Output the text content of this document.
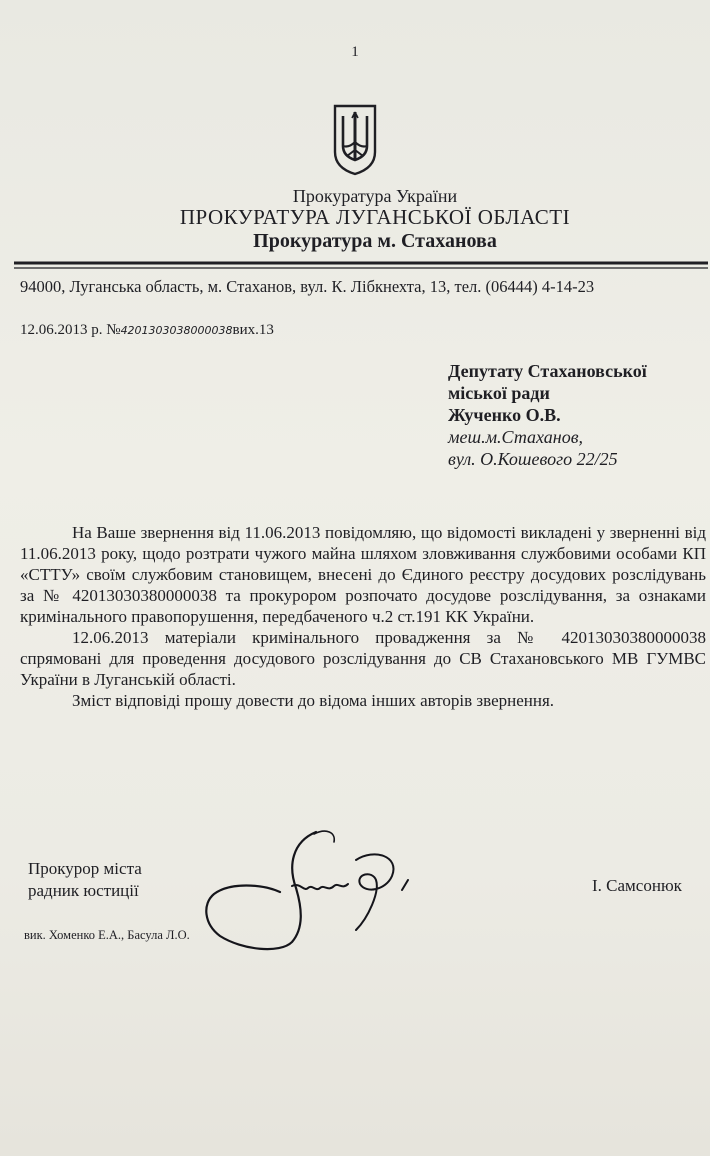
1
Прокуратура України
ПРОКУРАТУРА ЛУГАНСЬКОЇ ОБЛАСТІ
Прокуратура м. Стаханова
94000, Луганська область, м. Стаханов, вул. К. Лібкнехта, 13, тел. (06444) 4-14-23
12.06.2013 р. №4201303038000038вих.13
Депутату Стахановської
міської ради
Жученко О.В.
меш.м.Стаханов,
вул. О.Кошевого 22/25

На Ваше звернення від 11.06.2013 повідомляю, що відомості викладені у зверненні від 11.06.2013 року, щодо розтрати чужого майна шляхом зловживання службовими особами КП «СТТУ» своїм службовим становищем, внесені до Єдиного реєстру досудових розслідувань за № 42013030380000038 та прокурором розпочато досудове розслідування, за ознаками кримінального правопорушення, передбаченого ч.2 ст.191 КК України.

12.06.2013 матеріали кримінального провадження за № 42013030380000038 спрямовані для проведення досудового розслідування до СВ Стахановського МВ ГУМВС України в Луганській області.

Зміст відповіді прошу довести до відома інших авторів звернення.

Прокурор міста
радник юстиції	І. Самсонюк
вик. Хоменко Е.А., Басула Л.О.
